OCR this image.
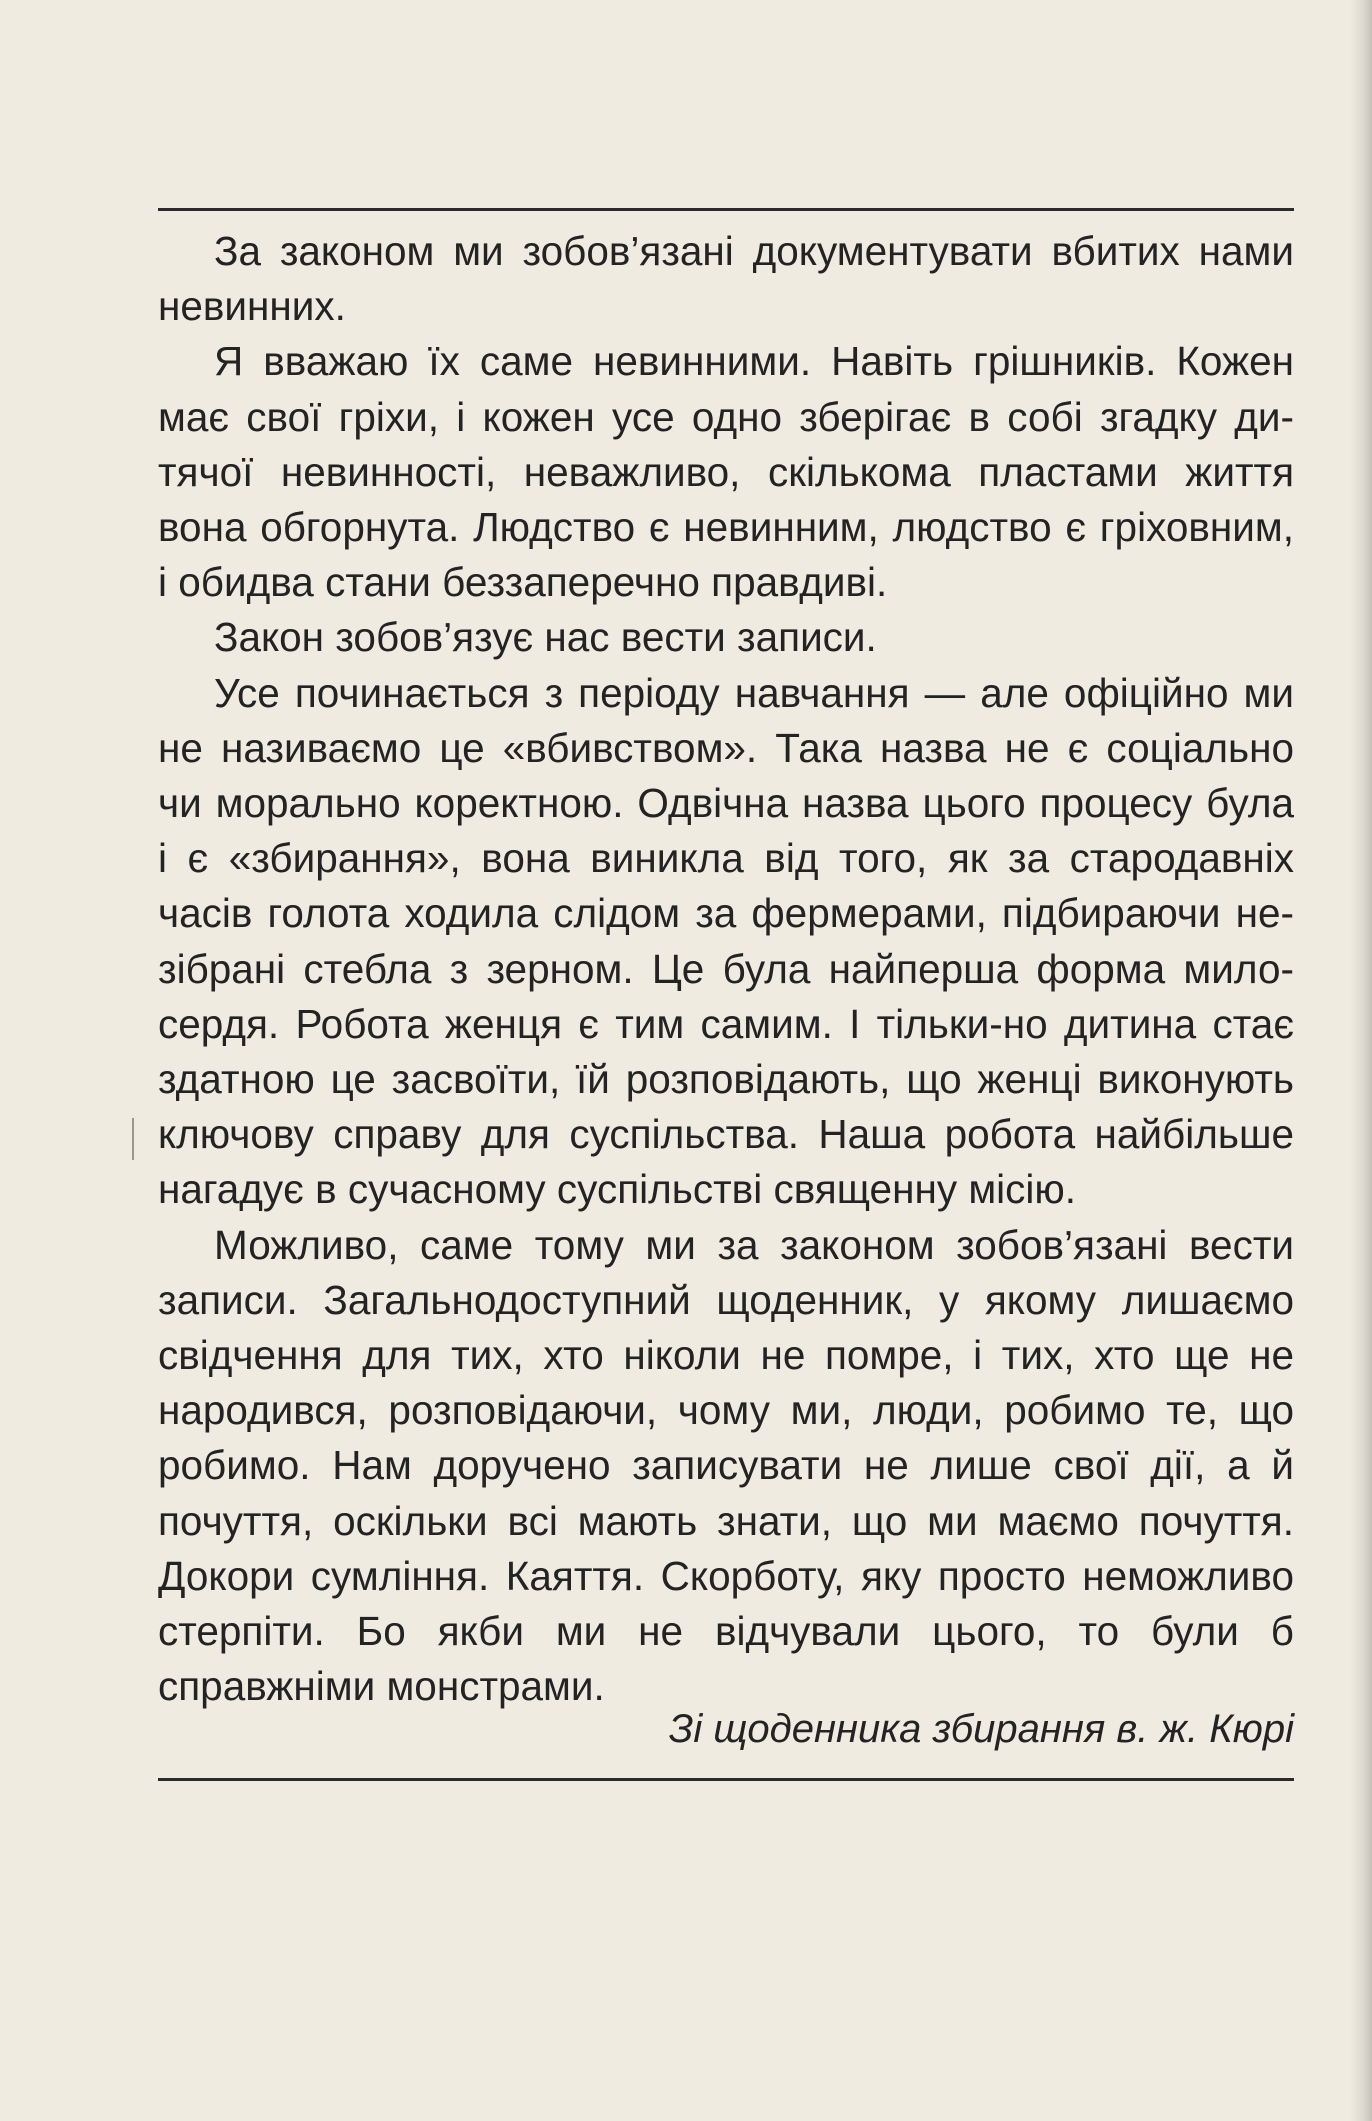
За законом ми зобов’язані документувати вбитих нами невинних.

Я вважаю їх саме невинними. Навіть грішників. Кожен має свої гріхи, і кожен усе одно зберігає в собі згадку дитячої невинності, неважливо, скількома пластами життя вона обгорнута. Людство є невинним, людство є гріховним, і обидва стани беззаперечно правдиві.

Закон зобов’язує нас вести записи.

Усе починається з періоду навчання — але офіційно ми не називаємо це «вбивством». Така назва не є соціально чи морально коректною. Одвічна назва цього процесу була і є «збирання», вона виникла від того, як за стародавніх часів голота ходила слідом за фермерами, підбираючи незібрані стебла з зерном. Це була найперша форма милосердя. Робота женця є тим самим. І тільки-но дитина стає здатною це засвоїти, їй розповідають, що женці виконують ключову справу для суспільства. Наша робота найбільше нагадує в сучасному суспільстві священну місію.

Можливо, саме тому ми за законом зобов’язані вести записи. Загальнодоступний щоденник, у якому лишаємо свідчення для тих, хто ніколи не помре, і тих, хто ще не народився, розповідаючи, чому ми, люди, робимо те, що робимо. Нам доручено записувати не лише свої дії, а й почуття, оскільки всі мають знати, що ми маємо почуття. Докори сумління. Каяття. Скорботу, яку просто неможливо стерпіти. Бо якби ми не відчували цього, то були б справжніми монстрами.

Зі щоденника збирання в. ж. Кюрі
